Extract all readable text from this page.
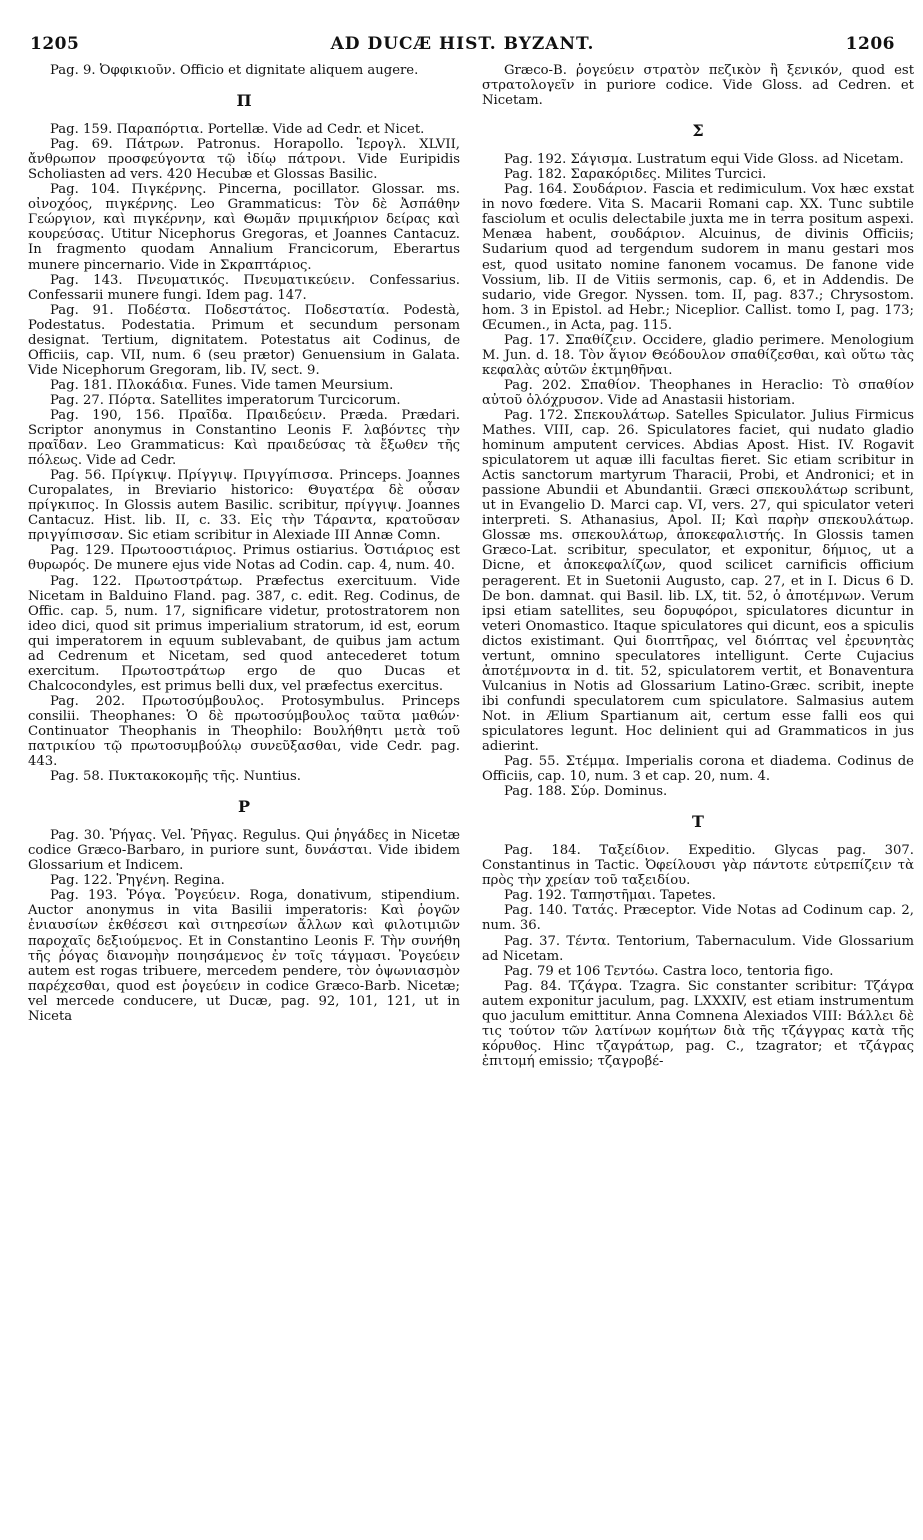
1205	AD DUCÆ HIST. BYZANT.	1206

Pag. 9. Ὀφφικιοῦν. Officio et dignitate aliquem augere.

Π

Pag. 159. Παραπόρτια. Portellæ. Vide ad Cedr. et Nicet.

Pag. 69. Πάτρων. Patronus. Horapollo. Ἱερογλ. XLVII, ἄνθρωπον προσφεύγοντα τῷ ἰδίῳ πάτρονι. Vide Euripidis Scholiasten ad vers. 420 Hecubæ et Glossas Basilic.

Pag. 104. Πιγκέρνης. Pincerna, pocillator. Glossar. ms. οἰνοχόος, πιγκέρνης. Leo Grammaticus: Τὸν δὲ Ἀσπάθην Γεώργιον, καὶ πιγκέρνην, καὶ Θωμᾶν πριμικήριον δείρας καὶ κουρεύσας. Utitur Nicephorus Gregoras, et Joannes Cantacuz. In fragmento quodam Annalium Francicorum, Eberartus munere pincernario. Vide in Σκραπτάριος.

Pag. 143. Πνευματικός. Πνευματικεύειν. Confessarius. Confessarii munere fungi. Idem pag. 147.

Pag. 91. Ποδέστα. Ποδεστάτος. Ποδεστατία. Podestà, Podestatus. Podestatia. Primum et secundum personam designat. Tertium, dignitatem. Potestatus ait Codinus, de Officiis, cap. VII, num. 6 (seu prætor) Genuensium in Galata. Vide Nicephorum Gregoram, lib. IV, sect. 9.

Pag. 181. Πλοκάδια. Funes. Vide tamen Meursium.

Pag. 27. Πόρτα. Satellites imperatorum Turcicorum.

Pag. 190, 156. Πραῖδα. Πραιδεύειν. Præda. Prædari. Scriptor anonymus in Constantino Leonis F. λαβόντες τὴν πραῖδαν. Leo Grammaticus: Καὶ πραιδεύσας τὰ ἔξωθεν τῆς πόλεως. Vide ad Cedr.

Pag. 56. Πρίγκιψ. Πρίγγιψ. Πριγγίπισσα. Princeps. Joannes Curopalates, in Breviario historico: Θυγατέρα δὲ οὖσαν πρίγκιπος. In Glossis autem Basilic. scribitur, πρίγγιψ. Joannes Cantacuz. Hist. lib. II, c. 33. Εἰς τὴν Τάραντα, κρατοῦσαν πριγγίπισσαν. Sic etiam scribitur in Alexiade III Annæ Comn.

Pag. 129. Πρωτοοστιάριος. Primus ostiarius. Ὀστιάριος est θυρωρός. De munere ejus vide Notas ad Codin. cap. 4, num. 40.

Pag. 122. Πρωτοστράτωρ. Præfectus exercituum. Vide Nicetam in Balduino Fland. pag. 387, c. edit. Reg. Codinus, de Offic. cap. 5, num. 17, significare videtur, protostratorem non ideo dici, quod sit primus imperialium stratorum, id est, eorum qui imperatorem in equum sublevabant, de quibus jam actum ad Cedrenum et Nicetam, sed quod antecederet totum exercitum. Πρωτοστράτωρ ergo de quo Ducas et Chalcocondyles, est primus belli dux, vel præfectus exercitus.

Pag. 202. Πρωτοσύμβουλος. Protosymbulus. Princeps consilii. Theophanes: Ὁ δὲ πρωτοσύμβουλος ταῦτα μαθών· Continuator Theophanis in Theophilo: Βουλήθητι μετὰ τοῦ πατρικίου τῷ πρωτοσυμβούλῳ συνεῦξασθαι, vide Cedr. pag. 443.

Pag. 58. Πυκτακοκομῆς τῆς. Nuntius.

Ρ

Pag. 30. Ῥήγας. Vel. Ῥῆγας. Regulus. Qui ῥηγάδες in Nicetæ codice Græco-Barbaro, in puriore sunt, δυνάσται. Vide ibidem Glossarium et Indicem.

Pag. 122. Ῥηγένη. Regina.

Pag. 193. Ῥόγα. Ῥογεύειν. Roga, donativum, stipendium. Auctor anonymus in vita Basilii imperatoris: Καὶ ῥογῶν ἐνιαυσίων ἐκθέσεσι καὶ σιτηρεσίων ἄλλων καὶ φιλοτιμιῶν παροχαῖς δεξιούμενος. Et in Constantino Leonis F. Τὴν συνήθη τῆς ῥόγας διανομὴν ποιησάμενος ἐν τοῖς τάγμασι. Ῥογεύειν autem est rogas tribuere, mercedem pendere, τὸν ὀψωνιασμὸν παρέχεσθαι, quod est ῥογεύειν in codice Græco-Barb. Nicetæ; vel mercede conducere, ut Ducæ, pag. 92, 101, 121, ut in Niceta

Græco-B. ῥογεύειν στρατὸν πεζικὸν ἢ ξενικόν, quod est στρατολογεῖν in puriore codice. Vide Gloss. ad Cedren. et Nicetam.

Σ

Pag. 192. Σάγισμα. Lustratum equi Vide Gloss. ad Nicetam.

Pag. 182. Σαρακόριδες. Milites Turcici.

Pag. 164. Σουδάριον. Fascia et redimiculum. Vox hæc exstat in novo fœdere. Vita S. Macarii Romani cap. XX. Tunc subtile fasciolum et oculis delectabile juxta me in terra positum aspexi. Menæa habent, σουδάριον. Alcuinus, de divinis Officiis; Sudarium quod ad tergendum sudorem in manu gestari mos est, quod usitato nomine fanonem vocamus. De fanone vide Vossium, lib. II de Vitiis sermonis, cap. 6, et in Addendis. De sudario, vide Gregor. Nyssen. tom. II, pag. 837.; Chrysostom. hom. 3 in Epistol. ad Hebr.; Niceplior. Callist. tomo I, pag. 173; Œcumen., in Acta, pag. 115.

Pag. 17. Σπαθίζειν. Occidere, gladio perimere. Menologium M. Jun. d. 18. Τὸν ἅγιον Θεόδουλον σπαθίζεσθαι, καὶ οὕτω τὰς κεφαλὰς αὐτῶν ἐκτμηθῆναι.

Pag. 202. Σπαθίον. Theophanes in Heraclio: Τὸ σπαθίον αὐτοῦ ὁλόχρυσον. Vide ad Anastasii historiam.

Pag. 172. Σπεκουλάτωρ. Satelles Spiculator. Julius Firmicus Mathes. VIII, cap. 26. Spiculatores faciet, qui nudato gladio hominum amputent cervices. Abdias Apost. Hist. IV. Rogavit spiculatorem ut aquæ illi facultas fieret. Sic etiam scribitur in Actis sanctorum martyrum Tharacii, Probi, et Andronici; et in passione Abundii et Abundantii. Græci σπεκουλάτωρ scribunt, ut in Evangelio D. Marci cap. VI, vers. 27, qui spiculator veteri interpreti. S. Athanasius, Apol. II; Καὶ παρὴν σπεκουλάτωρ. Glossæ ms. σπεκουλάτωρ, ἀποκεφαλιστής. In Glossis tamen Græco-Lat. scribitur, speculator, et exponitur, δήμιος, ut a Dicne, et ἀποκεφαλίζων, quod scilicet carnificis officium peragerent. Et in Suetonii Augusto, cap. 27, et in I. Dicus 6 D. De bon. damnat. qui Basil. lib. LX, tit. 52, ὁ ἀποτέμνων. Verum ipsi etiam satellites, seu δορυφόροι, spiculatores dicuntur in veteri Onomastico. Itaque spiculatores qui dicunt, eos a spiculis dictos existimant. Qui διοπτῆρας, vel διόπτας vel ἐρευνητὰς vertunt, omnino speculatores intelligunt. Certe Cujacius ἀποτέμνοντα in d. tit. 52, spiculatorem vertit, et Bonaventura Vulcanius in Notis ad Glossarium Latino-Græc. scribit, inepte ibi confundi speculatorem cum spiculatore. Salmasius autem Not. in Ælium Spartianum ait, certum esse falli eos qui spiculatores legunt. Hoc delinient qui ad Grammaticos in jus adierint.

Pag. 55. Στέμμα. Imperialis corona et diadema. Codinus de Officiis, cap. 10, num. 3 et cap. 20, num. 4.

Pag. 188. Σύρ. Dominus.

Τ

Pag. 184. Ταξείδιον. Expeditio. Glycas pag. 307. Constantinus in Tactic. Ὀφείλουσι γὰρ πάντοτε εὐτρεπίζειν τὰ πρὸς τὴν χρείαν τοῦ ταξειδίου.

Pag. 192. Ταπηστῆμαι. Tapetes.

Pag. 140. Τατάς. Præceptor. Vide Notas ad Codinum cap. 2, num. 36.

Pag. 37. Τέντα. Tentorium, Tabernaculum. Vide Glossarium ad Nicetam.

Pag. 79 et 106 Τεντόω. Castra loco, tentoria figo.

Pag. 84. Τζάγρα. Tzagra. Sic constanter scribitur: Τζάγρα autem exponitur jaculum, pag. LXXXIV, est etiam instrumentum quo jaculum emittitur. Anna Comnena Alexiados VIII: Βάλλει δὲ τις τούτον τῶν λατίνων κομήτων διὰ τῆς τζάγγρας κατὰ τῆς κόρυθος. Hinc τζαγράτωρ, pag. C., tzagrator; et τζάγρας ἐπιτομή emissio; τζαγροβέ-
